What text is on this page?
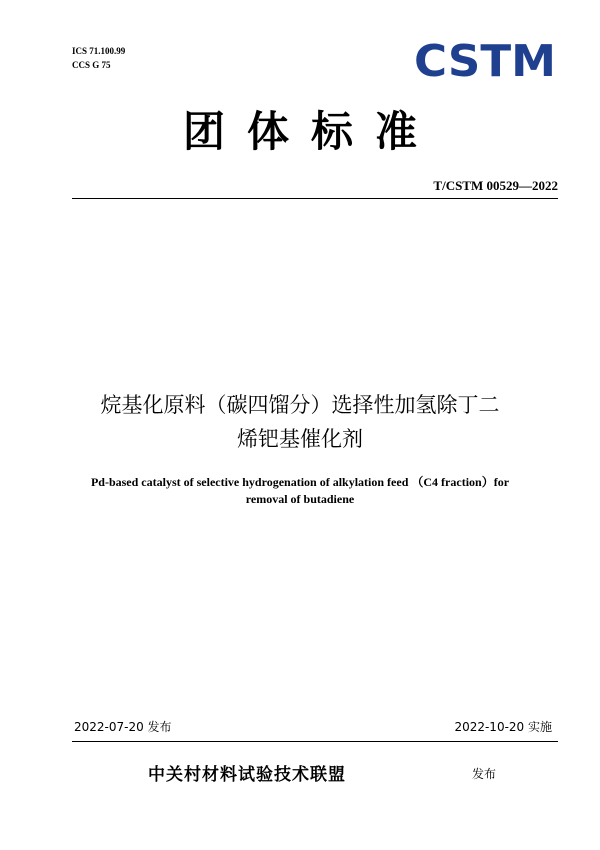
ICS 71.100.99
CCS G 75	CSTM
团体标准
T/CSTM 00529—2022
烷基化原料（碳四馏分）选择性加氢除丁二
烯钯基催化剂
Pd-based catalyst of selective hydrogenation of alkylation feed （C4 fraction）for
removal of butadiene
2022-07-20 发布	2022-10-20 实施
中关村材料试验技术联盟	发布
